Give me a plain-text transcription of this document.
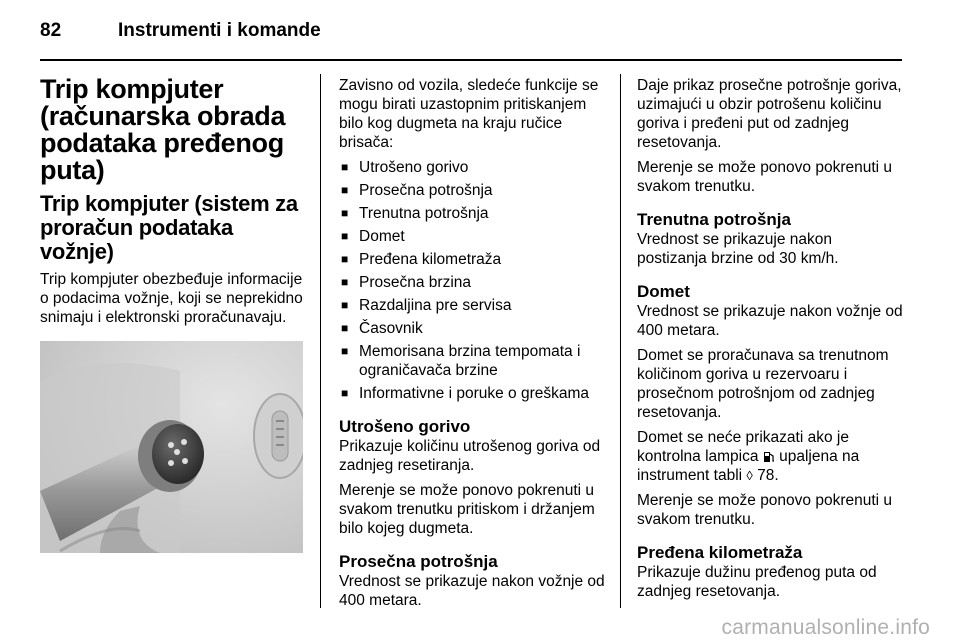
82	Instrumenti i komande
Trip kompjuter (računarska obrada podataka pređenog puta)
Trip kompjuter (sistem za proračun podataka vožnje)

Trip kompjuter obezbeđuje informacije o podacima vožnje, koji se neprekidno snimaju i elektronski proračunavaju.

Zavisno od vozila, sledeće funkcije se mogu birati uzastopnim pritiskanjem bilo kog dugmeta na kraju ručice brisača:

■ Utrošeno gorivo
■ Prosečna potrošnja
■ Trenutna potrošnja
■ Domet
■ Pređena kilometraža
■ Prosečna brzina
■ Razdaljina pre servisa
■ Časovnik
■ Memorisana brzina tempomata i ograničavača brzine
■ Informativne i poruke o greškama
Utrošeno gorivo

Prikazuje količinu utrošenog goriva od zadnjeg resetiranja.

Merenje se može ponovo pokrenuti u svakom trenutku pritiskom i držanjem bilo kojeg dugmeta.

Prosečna potrošnja

Vrednost se prikazuje nakon vožnje od 400 metara.

Daje prikaz prosečne potrošnje goriva, uzimajući u obzir potrošenu količinu goriva i pređeni put od zadnjeg resetovanja.

Merenje se može ponovo pokrenuti u svakom trenutku.

Trenutna potrošnja

Vrednost se prikazuje nakon postizanja brzine od 30 km/h.

Domet

Vrednost se prikazuje nakon vožnje od 400 metara.

Domet se proračunava sa trenutnom količinom goriva u rezervoaru i prosečnom potrošnjom od zadnjeg resetovanja.

Domet se neće prikazati ako je kontrolna lampica upaljena na instrument tabli ◊ 78.

Merenje se može ponovo pokrenuti u svakom trenutku.

Pređena kilometraža

Prikazuje dužinu pređenog puta od zadnjeg resetovanja.

carmanualsonline.info
